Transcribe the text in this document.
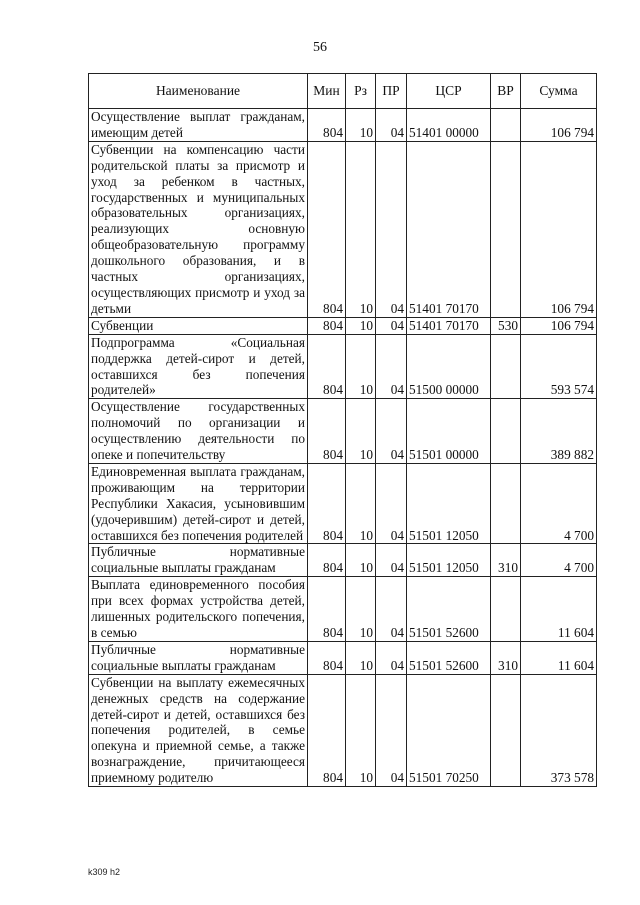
56
Наименование	Мин	Рз	ПР	ЦСР	ВР	Сумма
Осуществление выплат гражданам, имеющим детей	804	10	04	51401 00000		106 794
Субвенции на компенсацию части родительской платы за присмотр и уход за ребенком в частных, государственных и муниципальных образовательных организациях, реализующих основную общеобразовательную программу дошкольного образования, и в частных организациях, осуществляющих присмотр и уход за детьми	804	10	04	51401 70170		106 794
Субвенции	804	10	04	51401 70170	530	106 794
Подпрограмма «Социальная поддержка детей-сирот и детей, оставшихся без попечения родителей»	804	10	04	51500 00000		593 574
Осуществление государственных полномочий по организации и осуществлению деятельности по опеке и попечительству	804	10	04	51501 00000		389 882
Единовременная выплата гражданам, проживающим на территории Республики Хакасия, усыновившим (удочерившим) детей-сирот и детей, оставшихся без попечения родителей	804	10	04	51501 12050		4 700
Публичные нормативные социальные выплаты гражданам	804	10	04	51501 12050	310	4 700
Выплата единовременного пособия при всех формах устройства детей, лишенных родительского попечения, в семью	804	10	04	51501 52600		11 604
Публичные нормативные социальные выплаты гражданам	804	10	04	51501 52600	310	11 604
Субвенции на выплату ежемесячных денежных средств на содержание детей-сирот и детей, оставшихся без попечения родителей, в семье опекуна и приемной семье, а также вознаграждение, причитающееся приемному родителю	804	10	04	51501 70250		373 578
k309 h2
